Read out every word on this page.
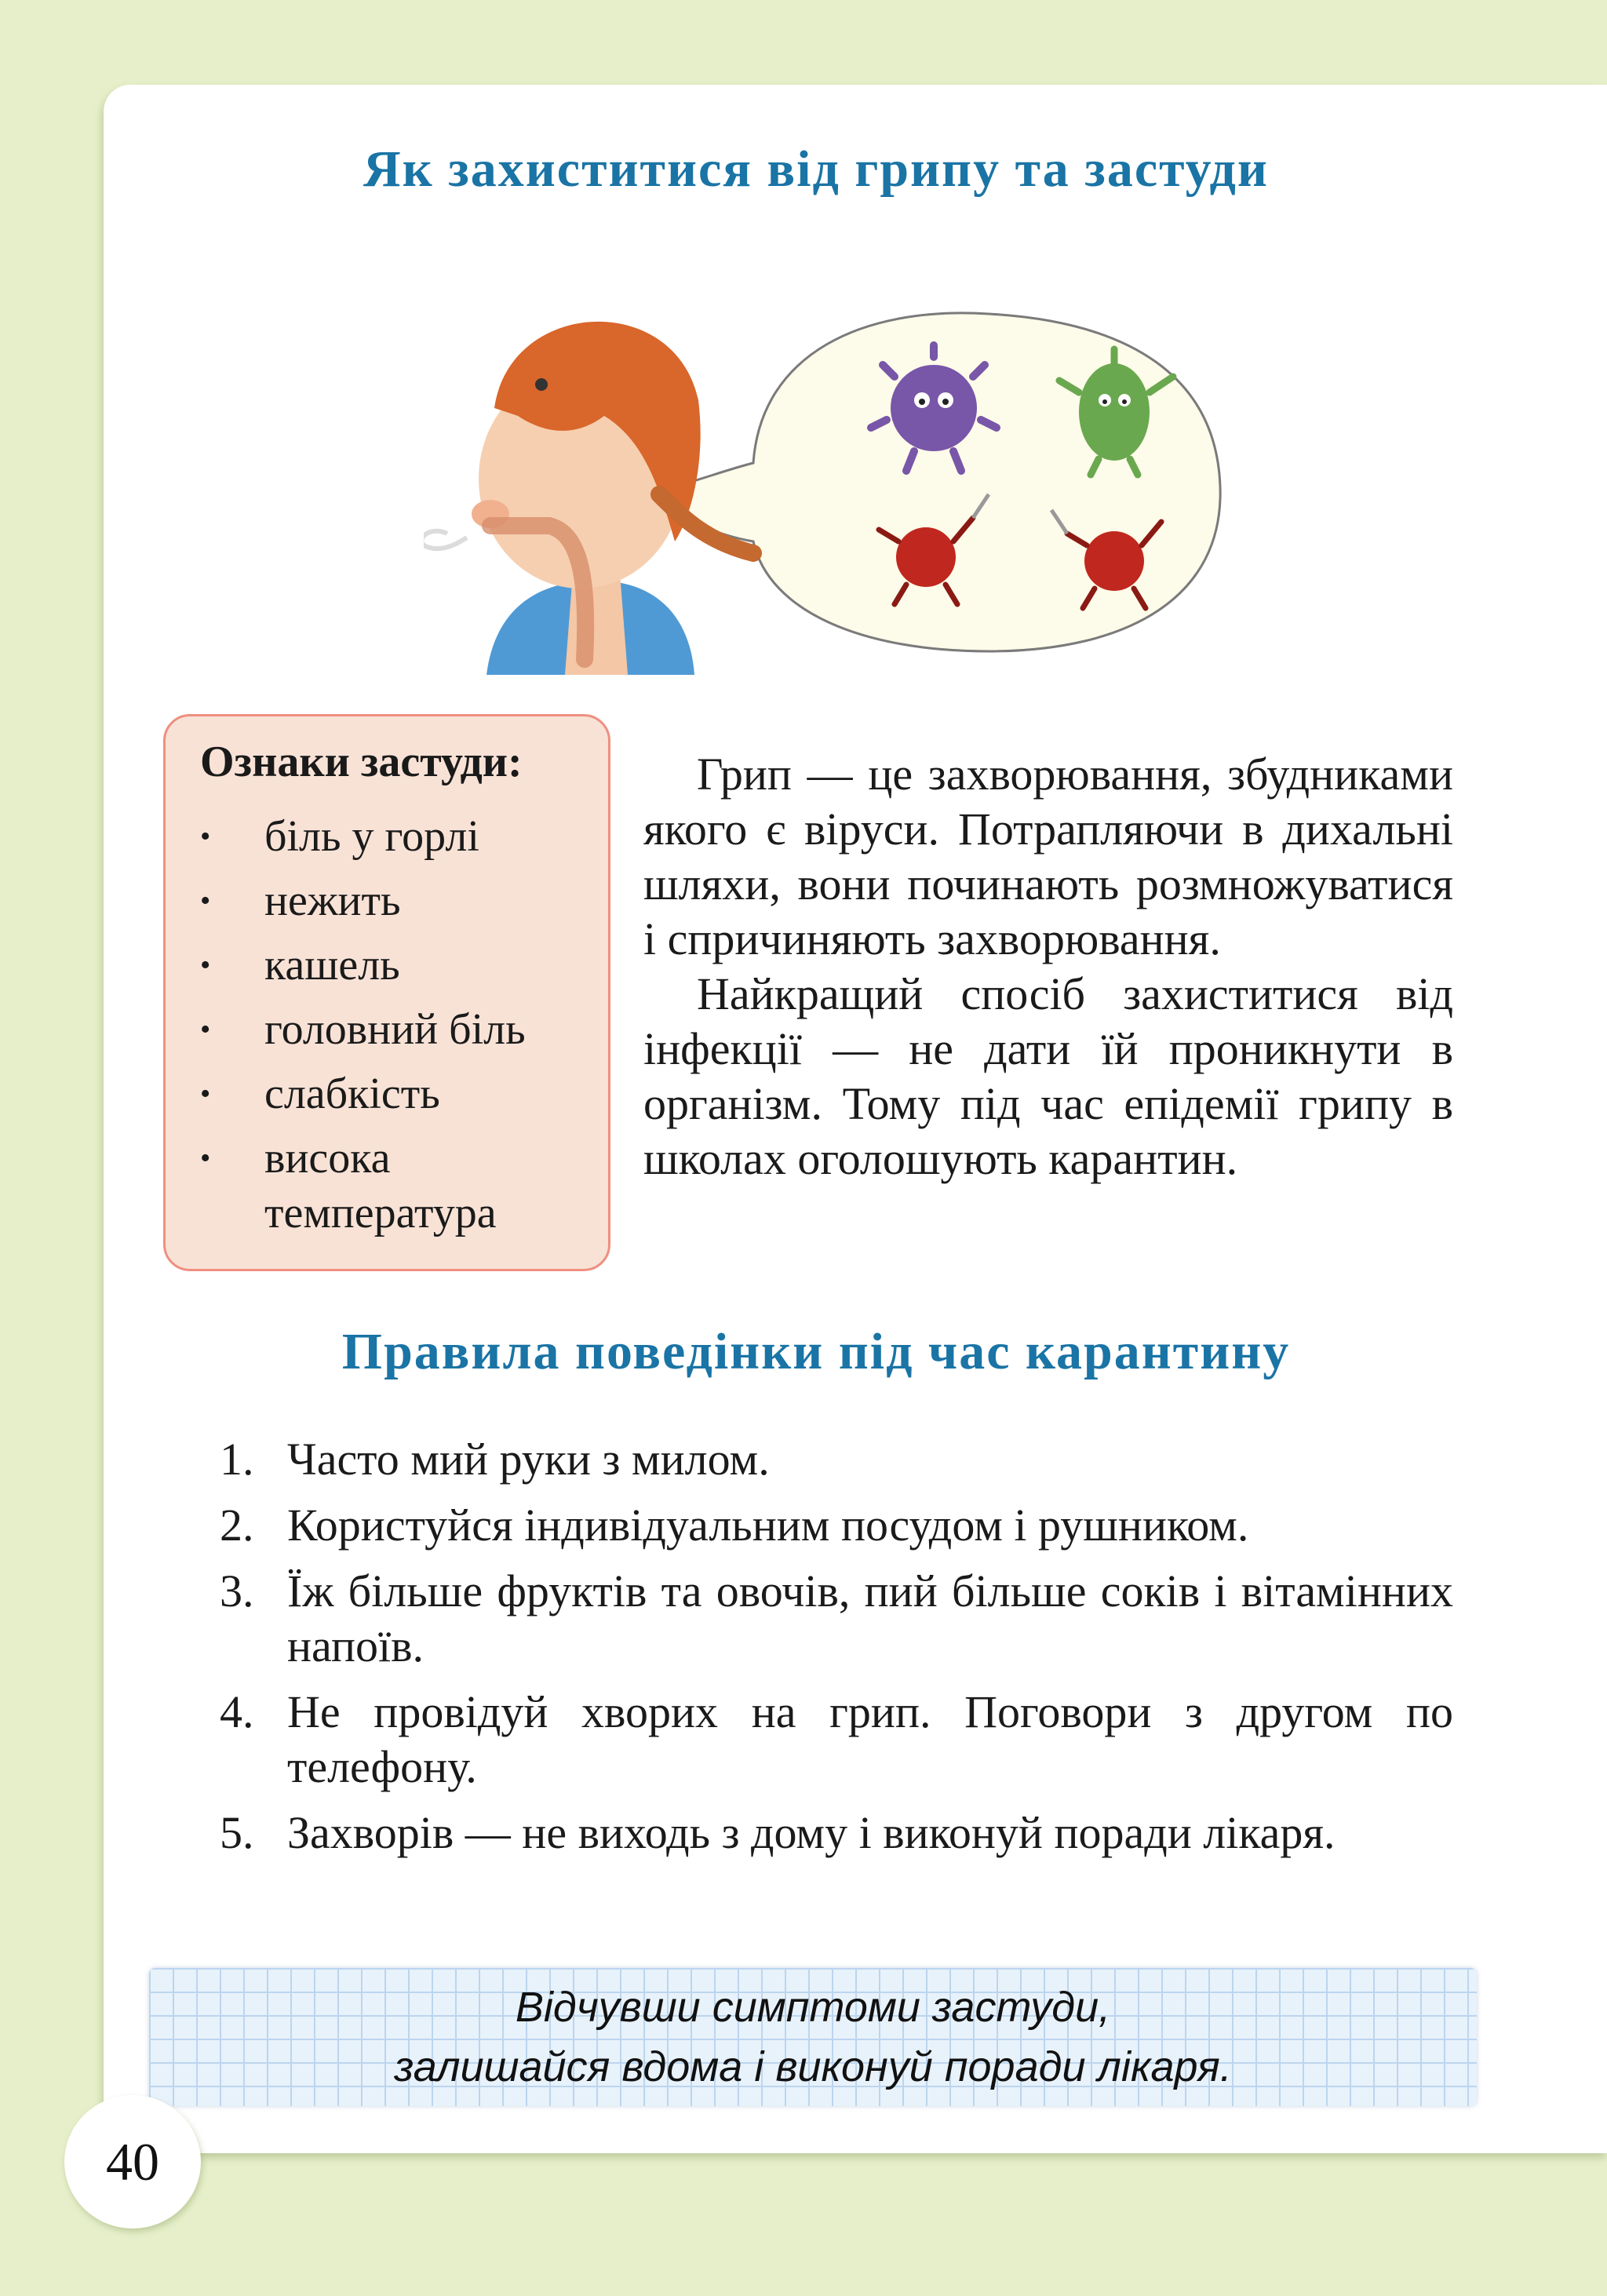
Як захиститися від грипу та застуди
Ознаки застуди:
• біль у горлі
• нежить
• кашель
• головний біль
• слабкість
• висока температура

Грип — це захворювання, збудниками якого є віруси. Потрапляючи в дихальні шляхи, вони починають розмножуватися і спричиняють захворювання.

Найкращий спосіб захиститися від інфекції — не дати їй проникнути в організм. Тому під час епідемії грипу в школах оголошують карантин.

Правила поведінки під час карантину
1. Часто мий руки з милом.
2. Користуйся індивідуальним посудом і рушником.
3. Їж більше фруктів та овочів, пий більше соків і вітамінних напоїв.
4. Не провідуй хворих на грип. Поговори з другом по телефону.
5. Захворів — не виходь з дому і виконуй поради лікаря.

Відчувши симптоми застуди,

залишайся вдома і виконуй поради лікаря.

40
